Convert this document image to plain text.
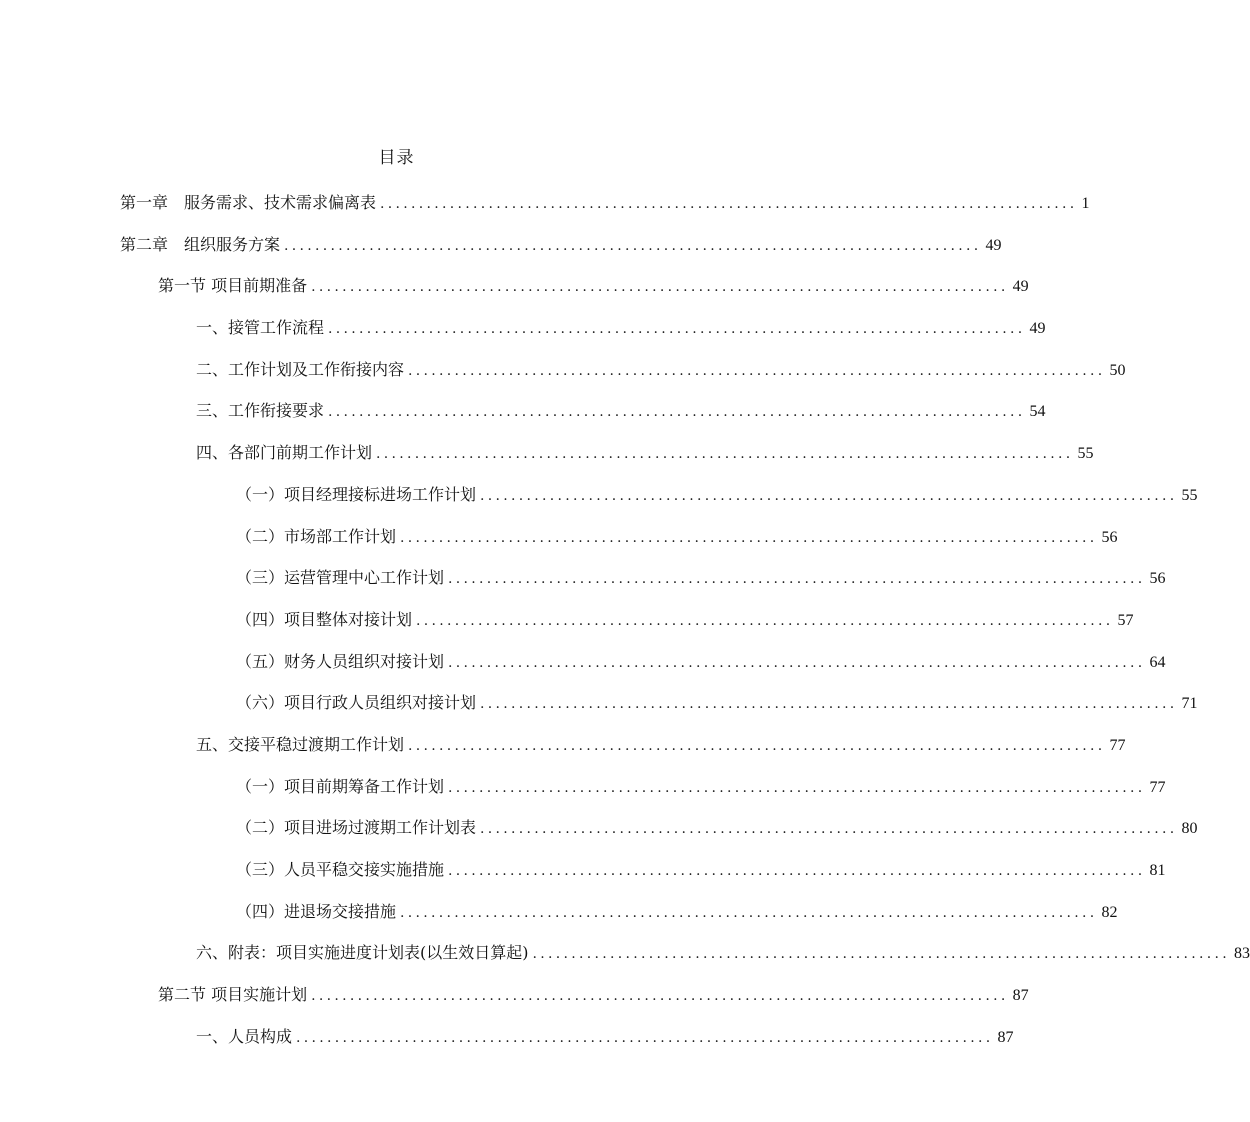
目录
第一章　服务需求、技术需求偏离表 .......................................................................................... 1
第二章　组织服务方案 .......................................................................................... 49
第一节 项目前期准备 .......................................................................................... 49
一、接管工作流程 .......................................................................................... 49
二、工作计划及工作衔接内容 .......................................................................................... 50
三、工作衔接要求 .......................................................................................... 54
四、各部门前期工作计划 .......................................................................................... 55
（一）项目经理接标进场工作计划 .......................................................................................... 55
（二）市场部工作计划 .......................................................................................... 56
（三）运营管理中心工作计划 .......................................................................................... 56
（四）项目整体对接计划 .......................................................................................... 57
（五）财务人员组织对接计划 .......................................................................................... 64
（六）项目行政人员组织对接计划 .......................................................................................... 71
五、交接平稳过渡期工作计划 .......................................................................................... 77
（一）项目前期筹备工作计划 .......................................................................................... 77
（二）项目进场过渡期工作计划表 .......................................................................................... 80
（三）人员平稳交接实施措施 .......................................................................................... 81
（四）进退场交接措施 .......................................................................................... 82
六、附表：项目实施进度计划表(以生效日算起) .......................................................................................... 83
第二节 项目实施计划 .......................................................................................... 87
一、人员构成 .......................................................................................... 87
